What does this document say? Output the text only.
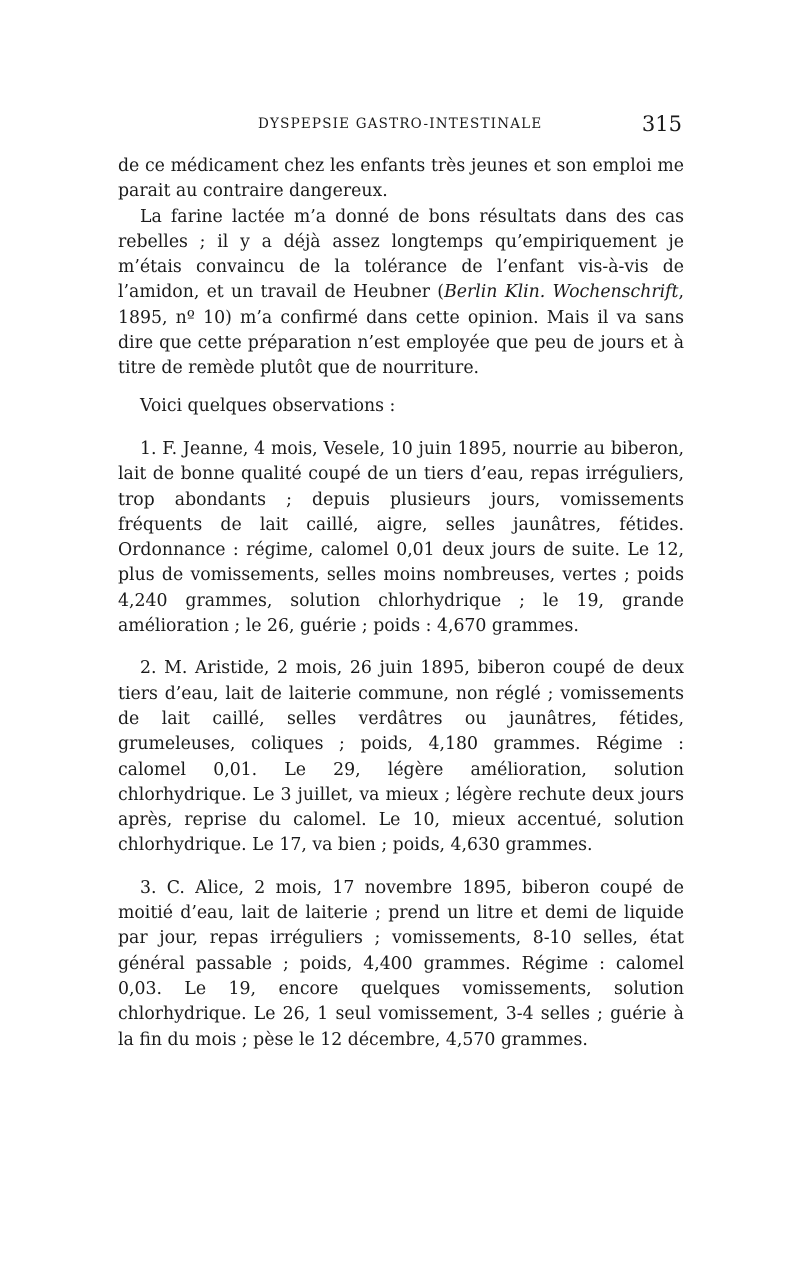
DYSPEPSIE GASTRO-INTESTINALE	315

de ce médicament chez les enfants très jeunes et son emploi me parait au contraire dangereux.

La farine lactée m’a donné de bons résultats dans des cas rebelles ; il y a déjà assez longtemps qu’empiriquement je m’étais convaincu de la tolérance de l’enfant vis-à-vis de l’amidon, et un travail de Heubner (Berlin Klin. Wochenschrift, 1895, nº 10) m’a confirmé dans cette opinion. Mais il va sans dire que cette préparation n’est employée que peu de jours et à titre de remède plutôt que de nourriture.

Voici quelques observations :

1. F. Jeanne, 4 mois, Vesele, 10 juin 1895, nourrie au biberon, lait de bonne qualité coupé de un tiers d’eau, repas irréguliers, trop abondants ; depuis plusieurs jours, vomissements fréquents de lait caillé, aigre, selles jaunâtres, fétides. Ordonnance : régime, calomel 0,01 deux jours de suite. Le 12, plus de vomissements, selles moins nombreuses, vertes ; poids 4,240 grammes, solution chlorhydrique ; le 19, grande amélioration ; le 26, guérie ; poids : 4,670 grammes.

2. M. Aristide, 2 mois, 26 juin 1895, biberon coupé de deux tiers d’eau, lait de laiterie commune, non réglé ; vomissements de lait caillé, selles verdâtres ou jaunâtres, fétides, grumeleuses, coliques ; poids, 4,180 grammes. Régime : calomel 0,01. Le 29, légère amélioration, solution chlorhydrique. Le 3 juillet, va mieux ; légère rechute deux jours après, reprise du calomel. Le 10, mieux accentué, solution chlorhydrique. Le 17, va bien ; poids, 4,630 grammes.

3. C. Alice, 2 mois, 17 novembre 1895, biberon coupé de moitié d’eau, lait de laiterie ; prend un litre et demi de liquide par jour, repas irréguliers ; vomissements, 8-10 selles, état général passable ; poids, 4,400 grammes. Régime : calomel 0,03. Le 19, encore quelques vomissements, solution chlorhydrique. Le 26, 1 seul vomissement, 3-4 selles ; guérie à la fin du mois ; pèse le 12 décembre, 4,570 grammes.
